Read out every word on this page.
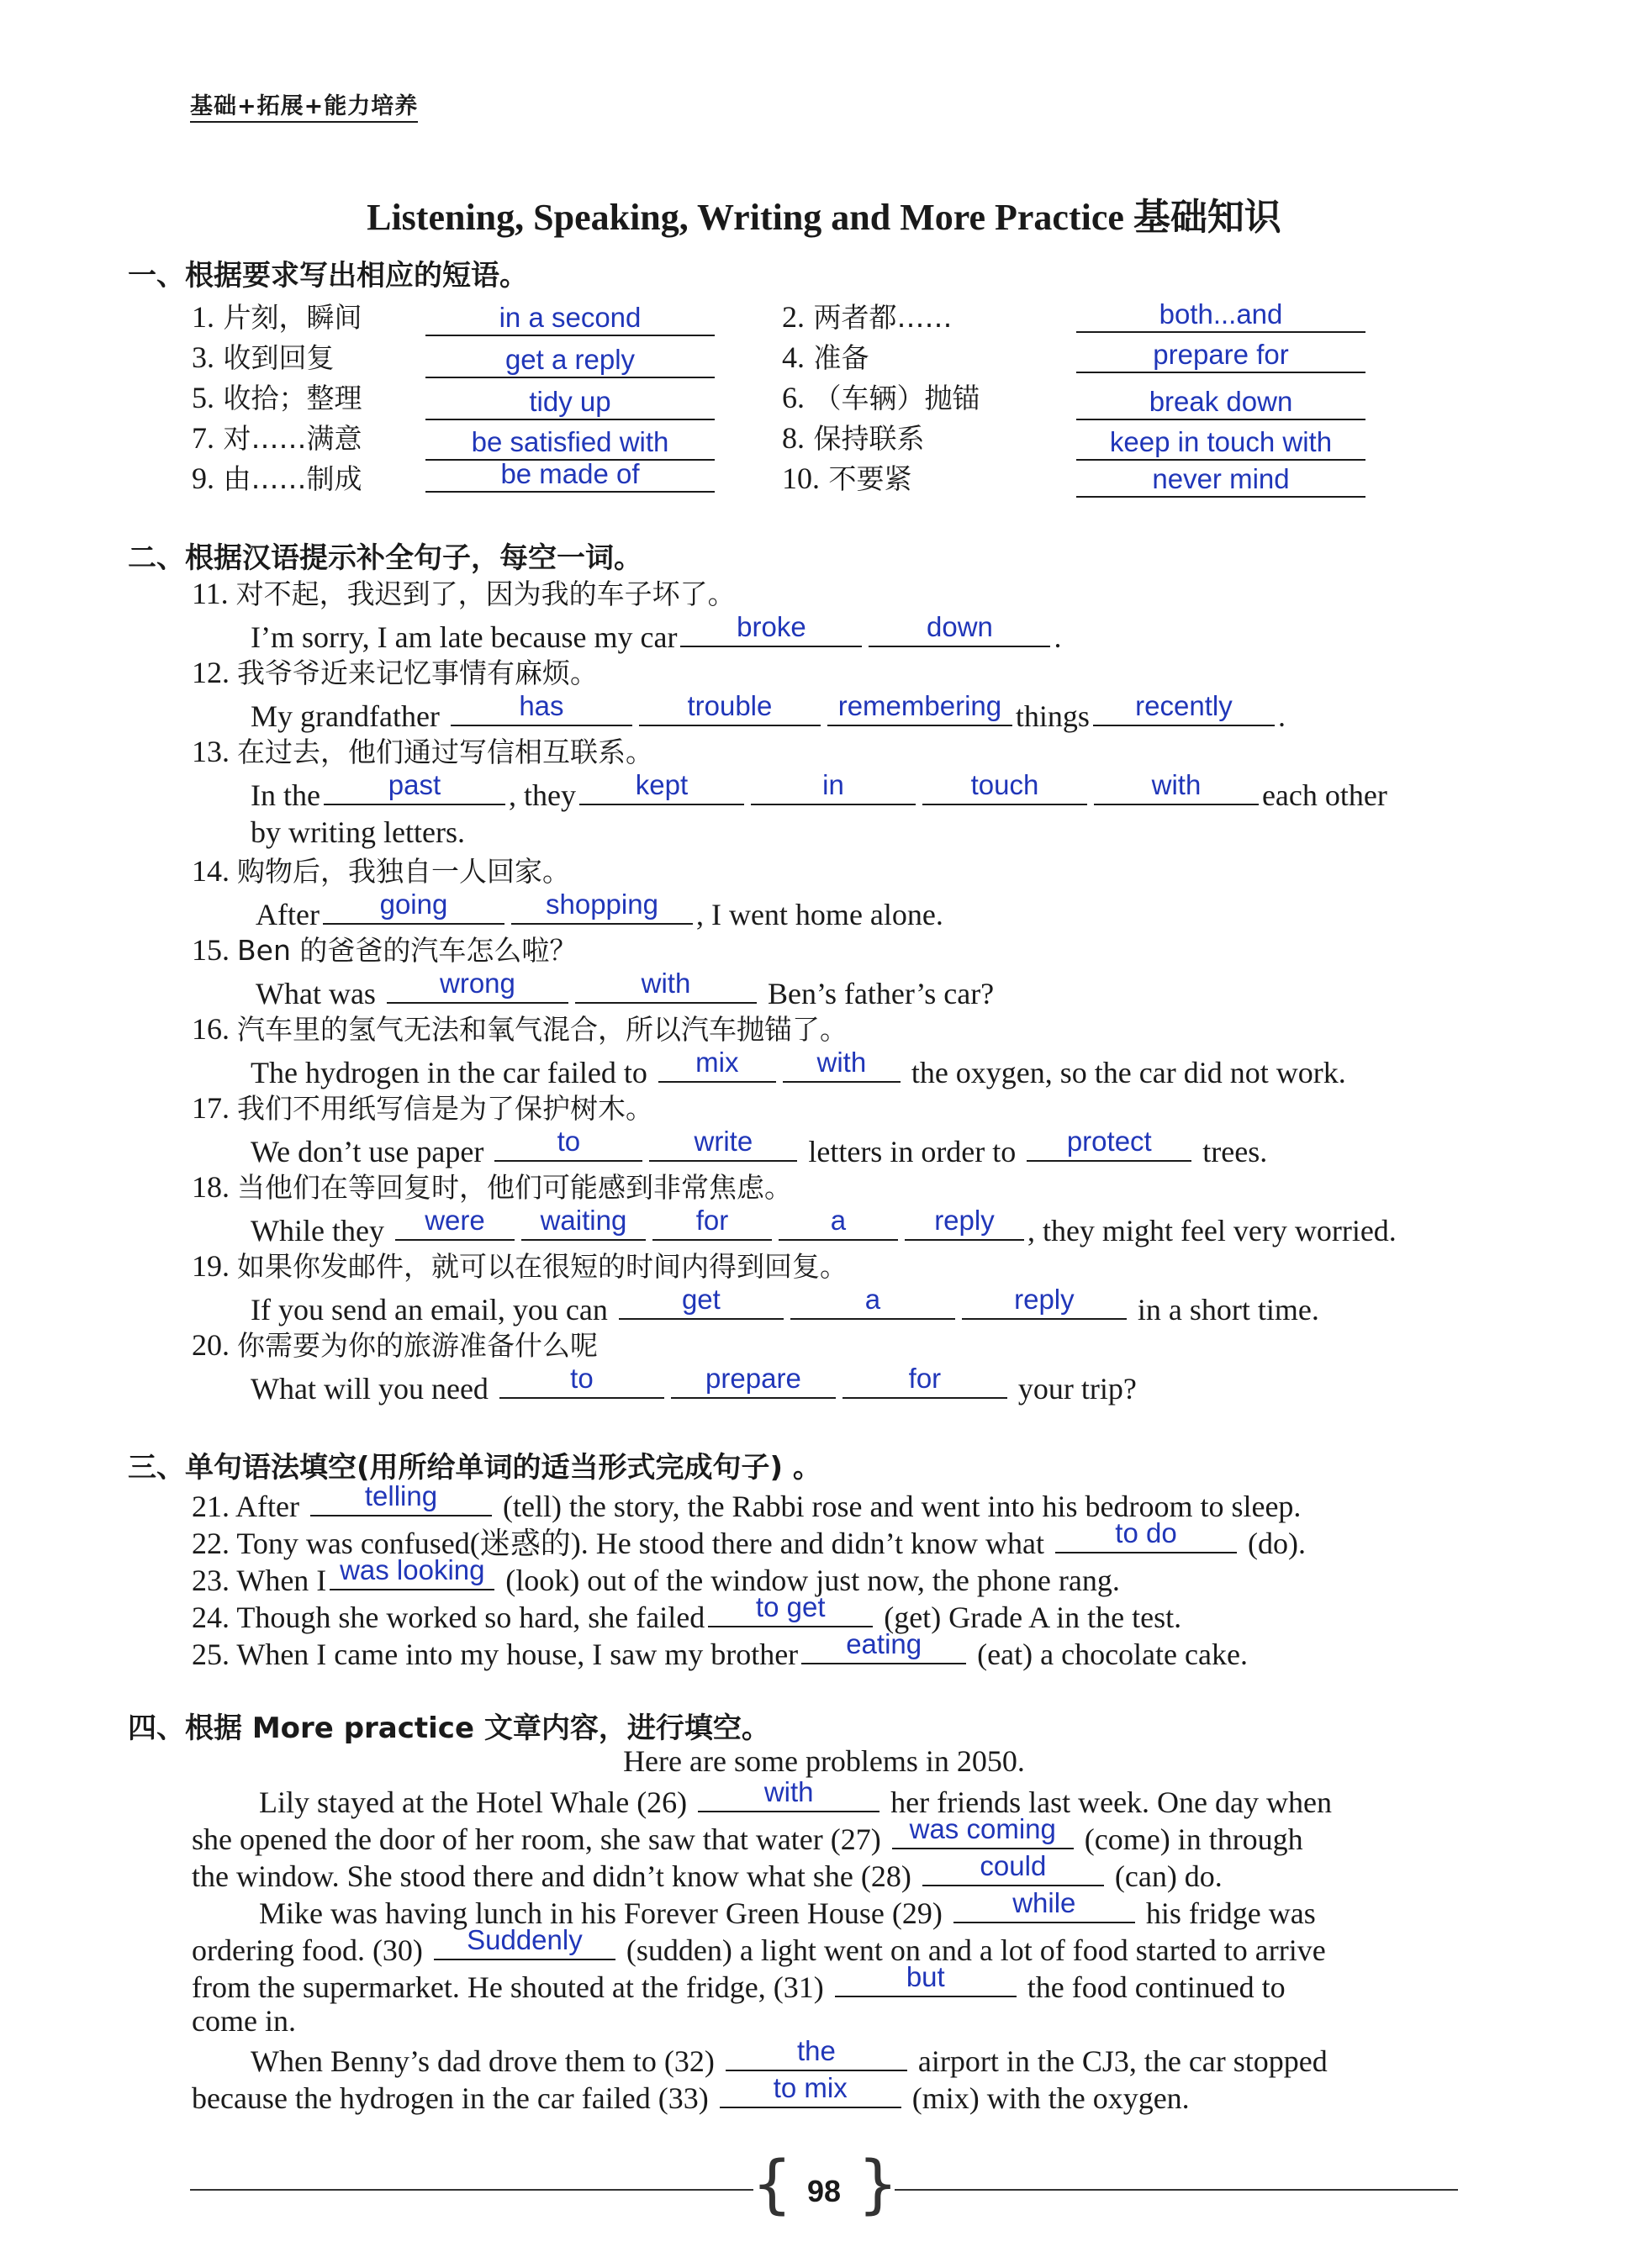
基础+拓展+能力培养
Listening, Speaking, Writing and More Practice 基础知识
一、根据要求写出相应的短语。
1. 片刻，瞬间	in a second
3. 收到回复	get a reply
5. 收拾；整理	tidy up
7. 对……满意	be satisfied with
9. 由……制成	be made of
2. 两者都……	both...and
4. 准备	prepare for
6. （车辆）抛锚	break down
8. 保持联系	keep in touch with
10. 不要紧	never mind
二、根据汉语提示补全句子，每空一词。
11. 对不起，我迟到了，因为我的车子坏了。
I’m sorry, I am late because my car	broke	down	.
12. 我爷爷近来记忆事情有麻烦。
My grandfather	has	trouble	remembering things	recently	.
13. 在过去，他们通过写信相互联系。
In the	past	, they	kept	in	touch	with	each other
by writing letters.
14. 购物后，我独自一人回家。
After	going	shopping	, I went home alone.
15. Ben 的爸爸的汽车怎么啦？
What was	wrong	with	Ben’s father’s car?
16. 汽车里的氢气无法和氧气混合，所以汽车抛锚了。
The hydrogen in the car failed to	mix	with	the oxygen, so the car did not work.
17. 我们不用纸写信是为了保护树木。
We don’t use paper	to	write	letters in order to	protect	trees.
18. 当他们在等回复时，他们可能感到非常焦虑。
While they	were	waiting	for	a	reply	, they might feel very worried.
19. 如果你发邮件，就可以在很短的时间内得到回复。
If you send an email, you can	get	a	reply	in a short time.
20. 你需要为你的旅游准备什么呢
What will you need	to	prepare	for	your trip?
三、单句语法填空(用所给单词的适当形式完成句子) 。
21. After	telling	(tell) the story, the Rabbi rose and went into his bedroom to sleep.
22. Tony was confused(迷惑的). He stood there and didn’t know what	to do	(do).
23. When I was looking (look) out of the window just now, the phone rang.
24. Though she worked so hard, she failed	to get	(get) Grade A in the test.
25. When I came into my house, I saw my brother	eating	(eat) a chocolate cake.
四、根据 More practice 文章内容，进行填空。
Here are some problems in 2050.
Lily stayed at the Hotel Whale (26)	with	her friends last week. One day when
she opened the door of her room, she saw that water (27)	was coming (come) in through
the window. She stood there and didn’t know what she (28)	could	(can) do.
Mike was having lunch in his Forever Green House (29)	while	his fridge was
ordering food. (30)	Suddenly	(sudden) a light went on and a lot of food started to arrive
from the supermarket. He shouted at the fridge, (31)	but	the food continued to
come in.
When Benny’s dad drove them to (32)	the	airport in the CJ3, the car stopped
because the hydrogen in the car failed (33)	to mix	(mix) with the oxygen.
{ }
98
